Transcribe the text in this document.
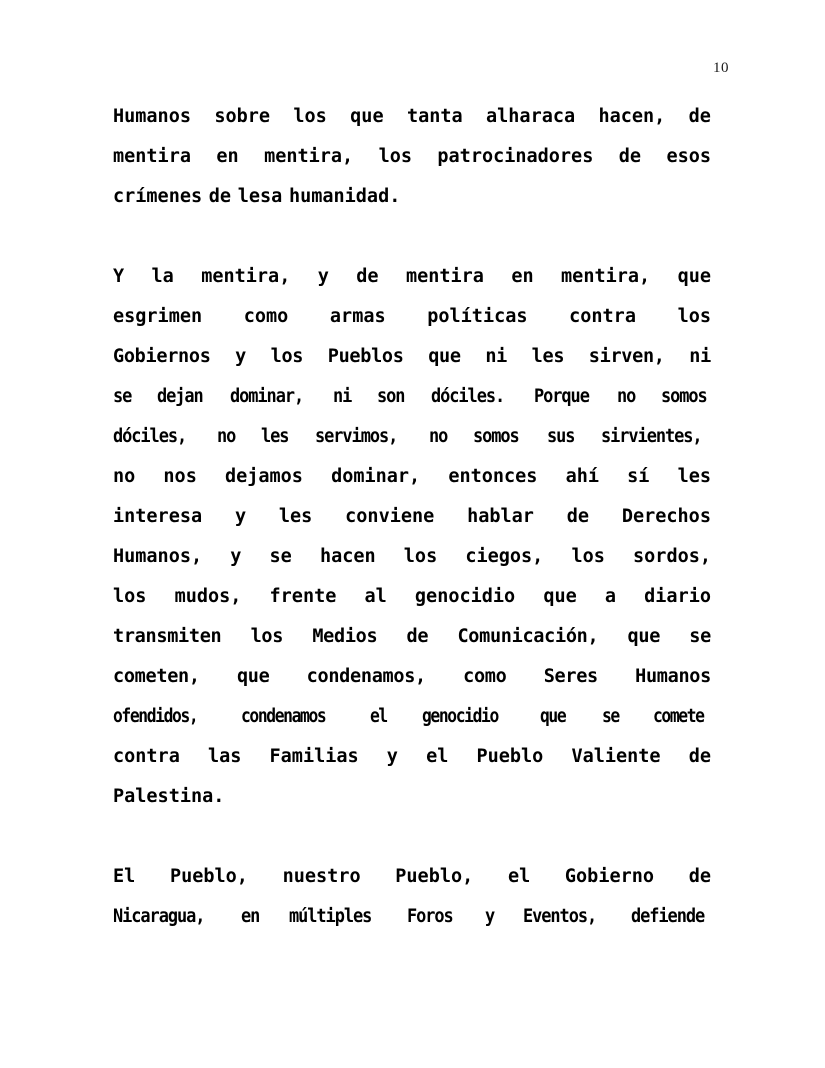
10
Humanos sobre los que tanta alharaca hacen, de
mentira en mentira, los patrocinadores de esos
crímenes de lesa humanidad.
Y la mentira, y de mentira en mentira, que
esgrimen como armas políticas contra los
Gobiernos y los Pueblos que ni les sirven, ni
se dejan dominar, ni son dóciles. Porque no somos
dóciles, no les servimos, no somos sus sirvientes,
no nos dejamos dominar, entonces ahí sí les
interesa y les conviene hablar de Derechos
Humanos, y se hacen los ciegos, los sordos,
los mudos, frente al genocidio que a diario
transmiten los Medios de Comunicación, que se
cometen, que condenamos, como Seres Humanos
ofendidos, condenamos el genocidio que se comete
contra las Familias y el Pueblo Valiente de
Palestina.
El Pueblo, nuestro Pueblo, el Gobierno de
Nicaragua, en múltiples Foros y Eventos, defiende
